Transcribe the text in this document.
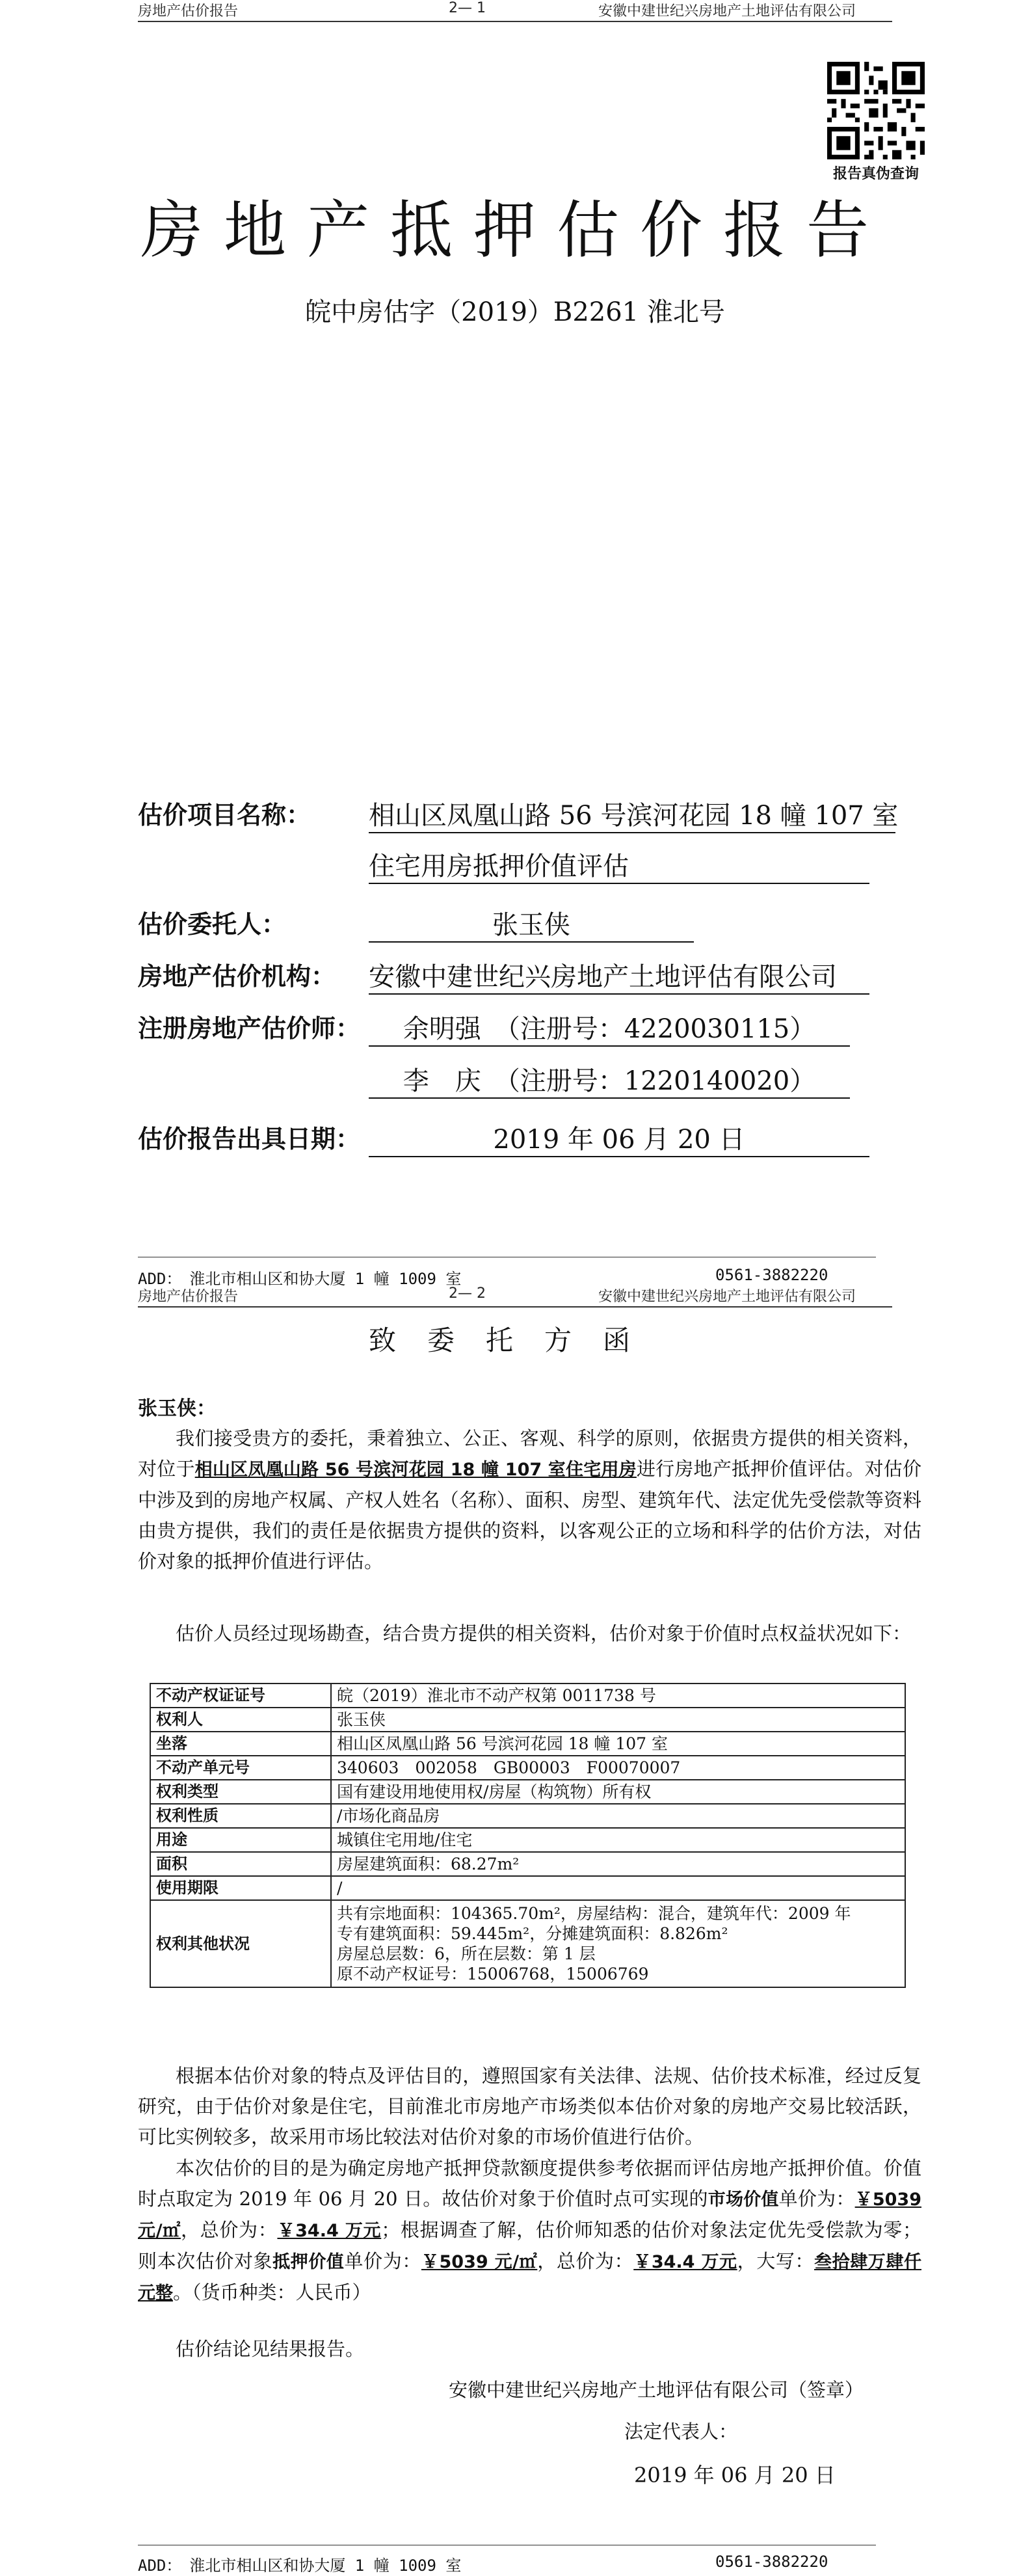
房地产估价报告	2— 1	安徽中建世纪兴房地产土地评估有限公司
报告真伪查询
房地产抵押估价报告
皖中房估字（2019）B2261 淮北号
估价项目名称： 相山区凤凰山路 56 号滨河花园 18 幢 107 室
住宅用房抵押价值评估
估价委托人：	张玉侠
房地产估价机构： 安徽中建世纪兴房地产土地评估有限公司
注册房地产估价师：	余明强　（注册号：4220030115）
李　庆　（注册号：1220140020）
估价报告出具日期：	2019 年 06 月 20 日
ADD：　淮北市相山区和协大厦 1 幢 1009 室	0561-3882220
房地产估价报告	2— 2	安徽中建世纪兴房地产土地评估有限公司
致委托方函
张玉侠：
我们接受贵方的委托，秉着独立、公正、客观、科学的原则，依据贵方提供的相关资料，对位于相山区凤凰山路 56 号滨河花园 18 幢 107 室住宅用房进行房地产抵押价值评估。对估价中涉及到的房地产权属、产权人姓名（名称）、面积、房型、建筑年代、法定优先受偿款等资料由贵方提供，我们的责任是依据贵方提供的资料，以客观公正的立场和科学的估价方法，对估价对象的抵押价值进行评估。
估价人员经过现场勘查，结合贵方提供的相关资料，估价对象于价值时点权益状况如下：
不动产权证证号	皖（2019）淮北市不动产权第 0011738 号
权利人	张玉侠
坐落	相山区凤凰山路 56 号滨河花园 18 幢 107 室
不动产单元号	340603　002058　GB00003　F00070007
权利类型	国有建设用地使用权/房屋（构筑物）所有权
权利性质	/市场化商品房
用途	城镇住宅用地/住宅
面积	房屋建筑面积：68.27m²
使用期限	/
权利其他状况	共有宗地面积：104365.70m²，房屋结构：混合，建筑年代：2009 年
专有建筑面积：59.445m²，分摊建筑面积：8.826m²
房屋总层数：6，所在层数：第 1 层
原不动产权证号：15006768，15006769
根据本估价对象的特点及评估目的，遵照国家有关法律、法规、估价技术标准，经过反复研究，由于估价对象是住宅，目前淮北市房地产市场类似本估价对象的房地产交易比较活跃，可比实例较多，故采用市场比较法对估价对象的市场价值进行估价。
本次估价的目的是为确定房地产抵押贷款额度提供参考依据而评估房地产抵押价值。价值时点取定为 2019 年 06 月 20 日。故估价对象于价值时点可实现的市场价值单价为：￥5039 元/㎡，总价为：￥34.4 万元；根据调查了解，估价师知悉的估价对象法定优先受偿款为零；则本次估价对象抵押价值单价为：￥5039 元/㎡，总价为：￥34.4 万元，大写：叁拾肆万肆仟元整。（货币种类：人民币）
估价结论见结果报告。
安徽中建世纪兴房地产土地评估有限公司（签章）
法定代表人：
2019 年 06 月 20 日
ADD：　淮北市相山区和协大厦 1 幢 1009 室	0561-3882220
